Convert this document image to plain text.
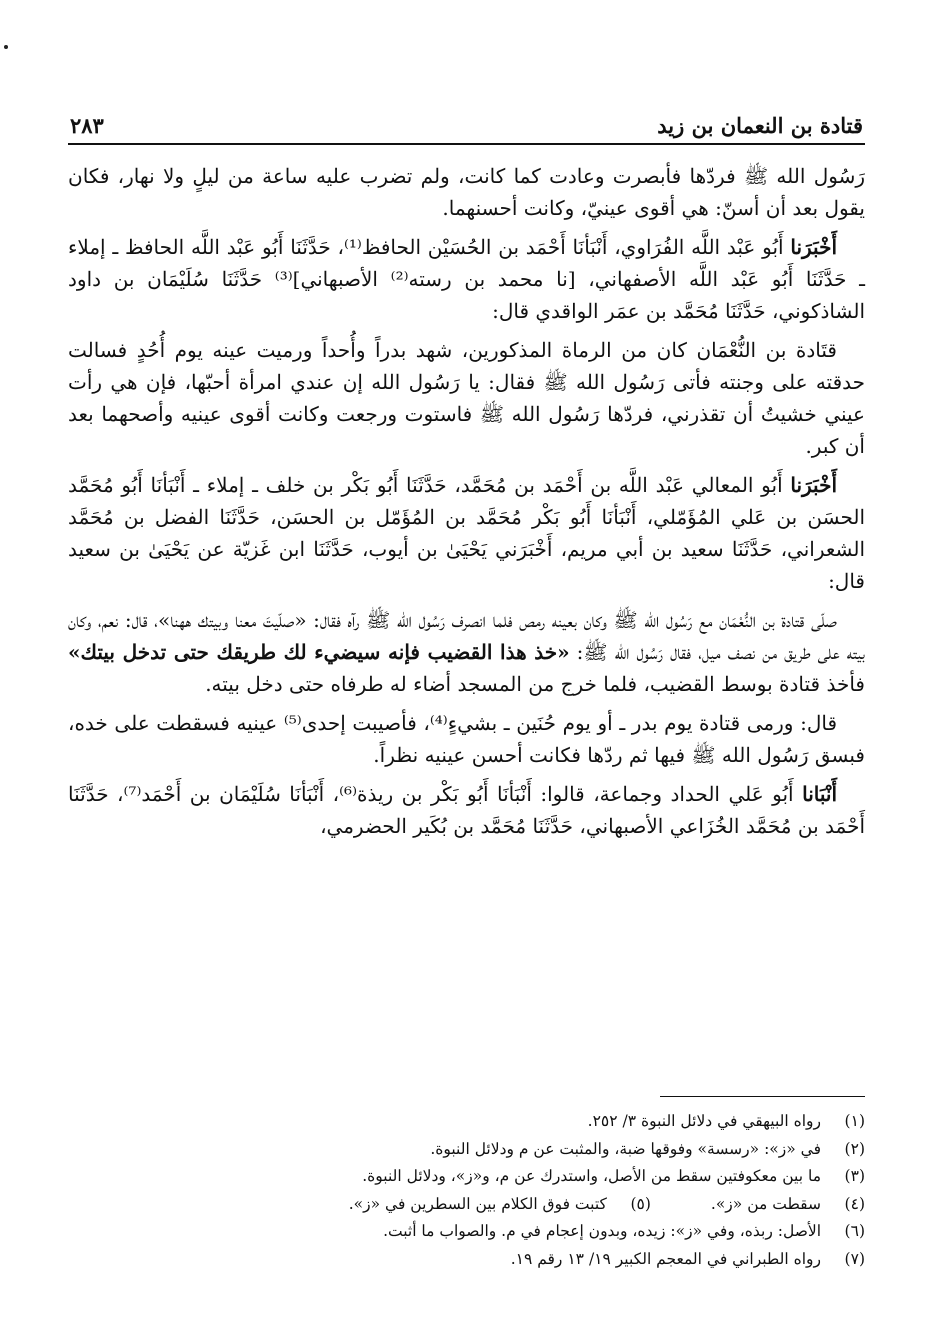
قتادة بن النعمان بن زيد
٢٨٣

رَسُول الله ﷺ فردّها فأبصرت وعادت كما كانت، ولم تضرب عليه ساعة من ليلٍ ولا نهار، فكان يقول بعد أن أسنّ: هي أقوى عينيّ، وكانت أحسنهما.

أَخْبَرَنا أَبُو عَبْد اللَّه الفُرَاوي، أَنْبَأنَا أَحْمَد بن الحُسَيْن الحافظ⁽¹⁾، حَدَّثَنَا أَبُو عَبْد اللَّه الحافظ ـ إملاء ـ حَدَّثَنَا أَبُو عَبْد اللَّه الأصفهاني، [نا محمد بن رسته⁽²⁾ الأصبهاني]⁽³⁾ حَدَّثَنَا سُلَيْمَان بن داود الشاذكوني، حَدَّثَنَا مُحَمَّد بن عمَر الواقدي قال:

قتَادة بن النُّعْمَان كان من الرماة المذكورين، شهد بدراً وأُحداً ورميت عينه يوم أُحُدٍ فسالت حدقته على وجنته فأتى رَسُول الله ﷺ فقال: يا رَسُول الله إن عندي امرأة أحبّها، فإن هي رأت عيني خشيتُ أن تقذرني، فردّها رَسُول الله ﷺ فاستوت ورجعت وكانت أقوى عينيه وأصحهما بعد أن كبر.

أَخْبَرَنا أَبُو المعالي عَبْد اللَّه بن أَحْمَد بن مُحَمَّد، حَدَّثَنَا أَبُو بَكْر بن خلف ـ إملاء ـ أَنْبَأنَا أَبُو مُحَمَّد الحسَن بن عَلي المُؤَمّلي، أَنْبَأنَا أَبُو بَكْر مُحَمَّد بن المُؤَمّل بن الحسَن، حَدَّثَنَا الفضل بن مُحَمَّد الشعراني، حَدَّثَنَا سعيد بن أبي مريم، أَخْبَرَني يَحْيَىٰ بن أيوب، حَدَّثَنَا ابن غَزيّة عن يَحْيَىٰ بن سعيد قال:

صلّى قتادة بن النُّعْمَان مع رَسُول الله ﷺ وكان بعينه رمص فلما انصرف رَسُول الله ﷺ رآه فقال: «صلّيتَ معنا وبيتك ههنا»، قال: نعم، وكان بيته على طريق من نصف ميل، فقال رَسُول الله ﷺ: «خذ هذا القضيب فإنه سيضيء لك طريقك حتى تدخل بيتك» فأخذ قتادة بوسط القضيب، فلما خرج من المسجد أضاء له طرفاه حتى دخل بيته.

قال: ورمى قتادة يوم بدر ـ أو يوم حُنَين ـ بشيءٍ⁽⁴⁾، فأصيبت إحدى⁽⁵⁾ عينيه فسقطت على خده، فبسق رَسُول الله ﷺ فيها ثم ردّها فكانت أحسن عينيه نظراً.

أَنْبَانا أَبُو عَلي الحداد وجماعة، قالوا: أَنْبَأنَا أَبُو بَكْر بن ريذة⁽⁶⁾، أَنْبَأنَا سُلَيْمَان بن أَحْمَد⁽⁷⁾، حَدَّثَنَا أَحْمَد بن مُحَمَّد الخُزَاعي الأصبهاني، حَدَّثَنَا مُحَمَّد بن بُكَير الحضرمي،

(١)
رواه البيهقي في دلائل النبوة ٣/ ٢٥٢.
(٢)
في «ز»: «رسسة» وفوقها ضبة، والمثبت عن م ودلائل النبوة.
(٣)
ما بين معكوفتين سقط من الأصل، واستدرك عن م، و«ز»، ودلائل النبوة.
(٤)
سقطت من «ز».
(٥)
كتبت فوق الكلام بين السطرين في «ز».
(٦)
الأصل: ربذه، وفي «ز»: زيده، وبدون إعجام في م. والصواب ما أثبت.
(٧)
رواه الطبراني في المعجم الكبير ١٩/ ١٣ رقم ١٩.
